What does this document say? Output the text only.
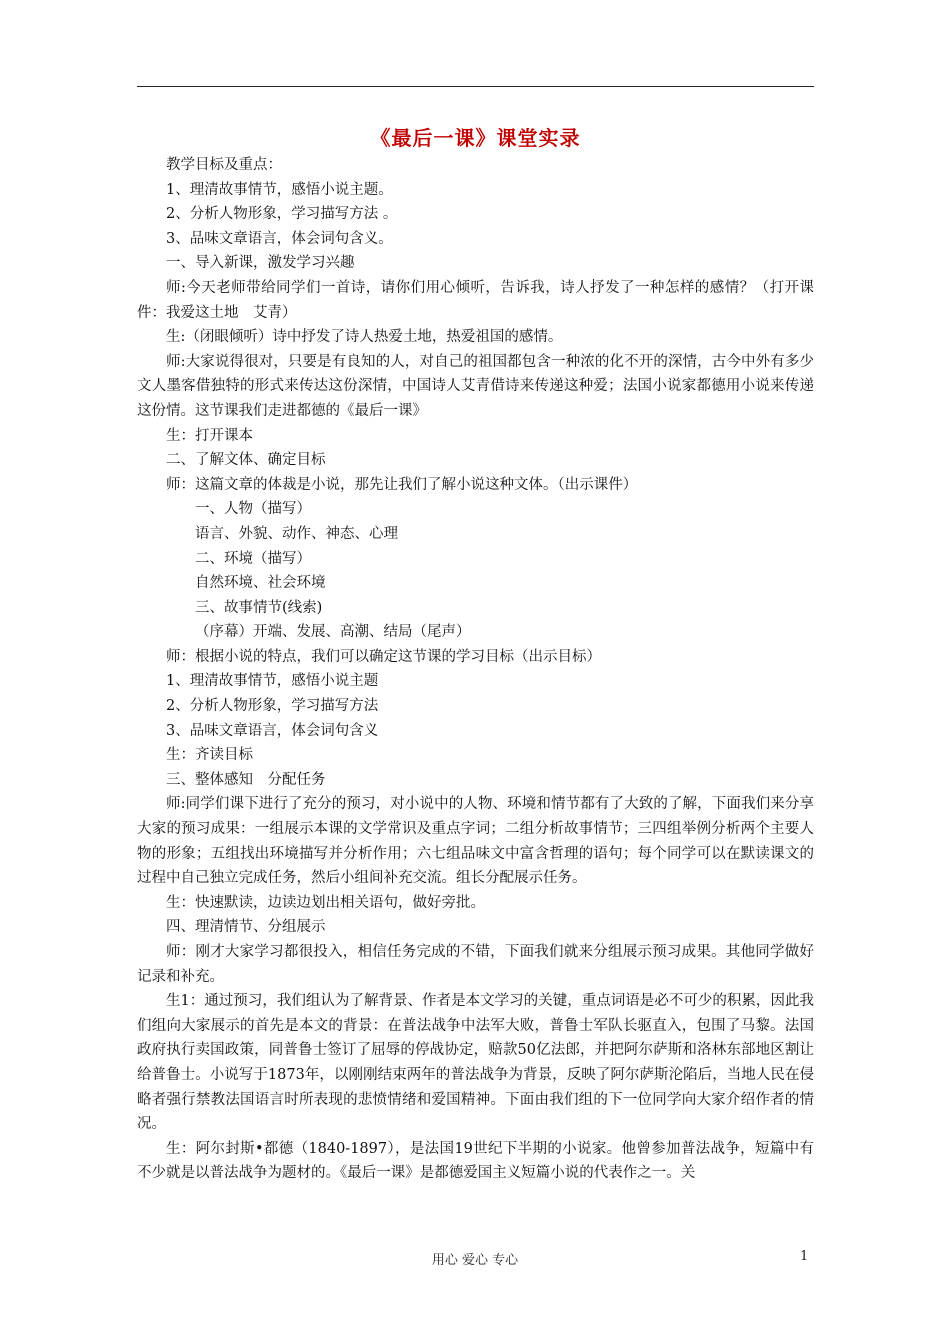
《最后一课》课堂实录

教学目标及重点：

1、理清故事情节，感悟小说主题。

2、分析人物形象，学习描写方法 。

3、品味文章语言，体会词句含义。

一、导入新课，激发学习兴趣

师:今天老师带给同学们一首诗，请你们用心倾听，告诉我，诗人抒发了一种怎样的感情？（打开课件：我爱这土地　艾青）

生:（闭眼倾听）诗中抒发了诗人热爱土地，热爱祖国的感情。

师:大家说得很对，只要是有良知的人，对自己的祖国都包含一种浓的化不开的深情，古今中外有多少文人墨客借独特的形式来传达这份深情，中国诗人艾青借诗来传递这种爱；法国小说家都德用小说来传递这份情。这节课我们走进都德的《最后一课》

生：打开课本

二、了解文体、确定目标

师：这篇文章的体裁是小说，那先让我们了解小说这种文体。（出示课件）

一、人物（描写）

语言、外貌、动作、神态、心理

二、环境（描写）

自然环境、社会环境

三、故事情节(线索)

（序幕）开端、发展、高潮、结局（尾声）

师：根据小说的特点，我们可以确定这节课的学习目标（出示目标）

1、理清故事情节，感悟小说主题

2、分析人物形象，学习描写方法

3、品味文章语言，体会词句含义

生：齐读目标

三、整体感知　分配任务

师:同学们课下进行了充分的预习，对小说中的人物、环境和情节都有了大致的了解，下面我们来分享大家的预习成果：一组展示本课的文学常识及重点字词；二组分析故事情节；三四组举例分析两个主要人物的形象；五组找出环境描写并分析作用；六七组品味文中富含哲理的语句；每个同学可以在默读课文的过程中自己独立完成任务，然后小组间补充交流。组长分配展示任务。

生：快速默读，边读边划出相关语句，做好旁批。

四、理清情节、分组展示

师：刚才大家学习都很投入，相信任务完成的不错，下面我们就来分组展示预习成果。其他同学做好记录和补充。

生1：通过预习，我们组认为了解背景、作者是本文学习的关键，重点词语是必不可少的积累，因此我们组向大家展示的首先是本文的背景：在普法战争中法军大败，普鲁士军队长驱直入，包围了马黎。法国政府执行卖国政策，同普鲁士签订了屈辱的停战协定，赔款50亿法郎，并把阿尔萨斯和洛林东部地区割让给普鲁士。小说写于1873年，以刚刚结束两年的普法战争为背景，反映了阿尔萨斯沦陷后，当地人民在侵略者强行禁教法国语言时所表现的悲愤情绪和爱国精神。下面由我们组的下一位同学向大家介绍作者的情况。

生：阿尔封斯•都德（1840-1897），是法国19世纪下半期的小说家。他曾参加普法战争，短篇中有不少就是以普法战争为题材的。《最后一课》是都德爱国主义短篇小说的代表作之一。关

用心 爱心 专心	1
